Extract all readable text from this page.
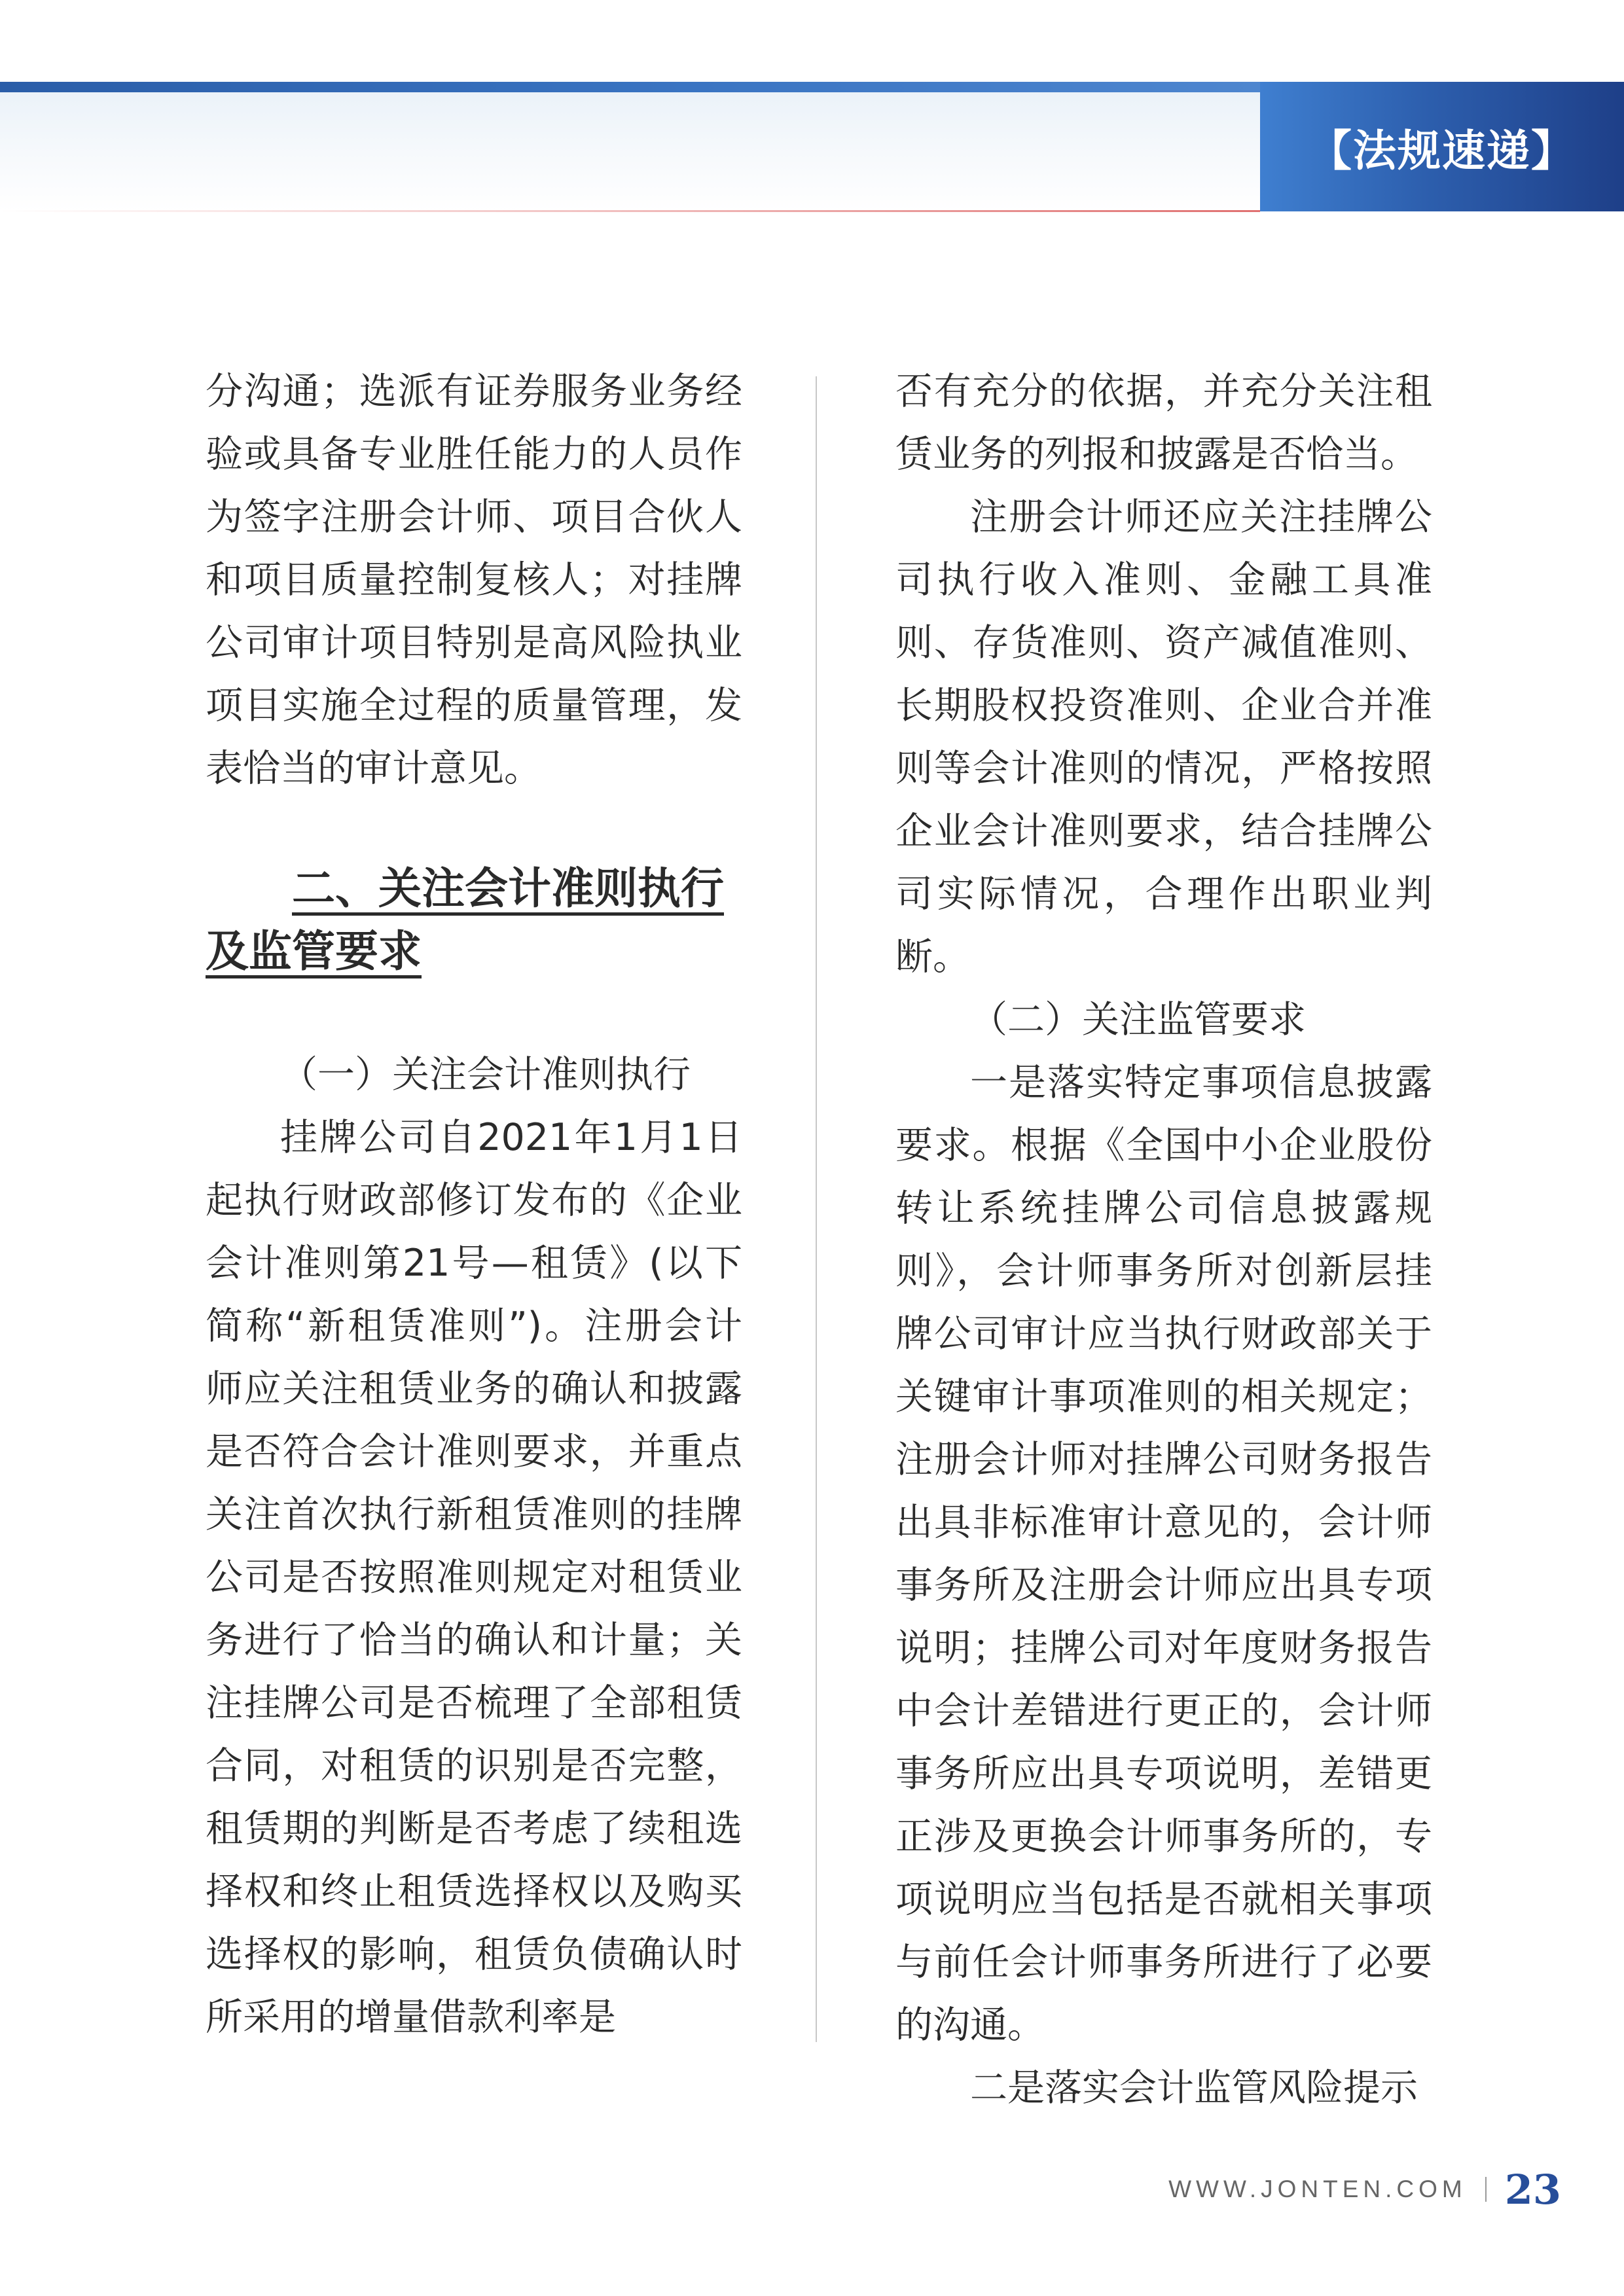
【法规速递】

分沟通；选派有证券服务业务经验或具备专业胜任能力的人员作为签字注册会计师、项目合伙人和项目质量控制复核人；对挂牌公司审计项目特别是高风险执业项目实施全过程的质量管理，发表恰当的审计意见。

二、关注会计准则执行
及监管要求

（一）关注会计准则执行

挂牌公司自2021年1月1日起执行财政部修订发布的《企业会计准则第21号—租赁》(以下简称“新租赁准则”)。注册会计师应关注租赁业务的确认和披露是否符合会计准则要求，并重点关注首次执行新租赁准则的挂牌公司是否按照准则规定对租赁业务进行了恰当的确认和计量；关注挂牌公司是否梳理了全部租赁合同，对租赁的识别是否完整，租赁期的判断是否考虑了续租选择权和终止租赁选择权以及购买选择权的影响，租赁负债确认时所采用的增量借款利率是

否有充分的依据，并充分关注租赁业务的列报和披露是否恰当。

注册会计师还应关注挂牌公司执行收入准则、金融工具准则、存货准则、资产减值准则、长期股权投资准则、企业合并准则等会计准则的情况，严格按照企业会计准则要求，结合挂牌公司实际情况，合理作出职业判断。

（二）关注监管要求

一是落实特定事项信息披露要求。根据《全国中小企业股份转让系统挂牌公司信息披露规则》，会计师事务所对创新层挂牌公司审计应当执行财政部关于关键审计事项准则的相关规定；注册会计师对挂牌公司财务报告出具非标准审计意见的，会计师事务所及注册会计师应出具专项说明；挂牌公司对年度财务报告中会计差错进行更正的，会计师事务所应出具专项说明，差错更正涉及更换会计师事务所的，专项说明应当包括是否就相关事项与前任会计师事务所进行了必要的沟通。

二是落实会计监管风险提示

WWW.JONTEN.COM 23
